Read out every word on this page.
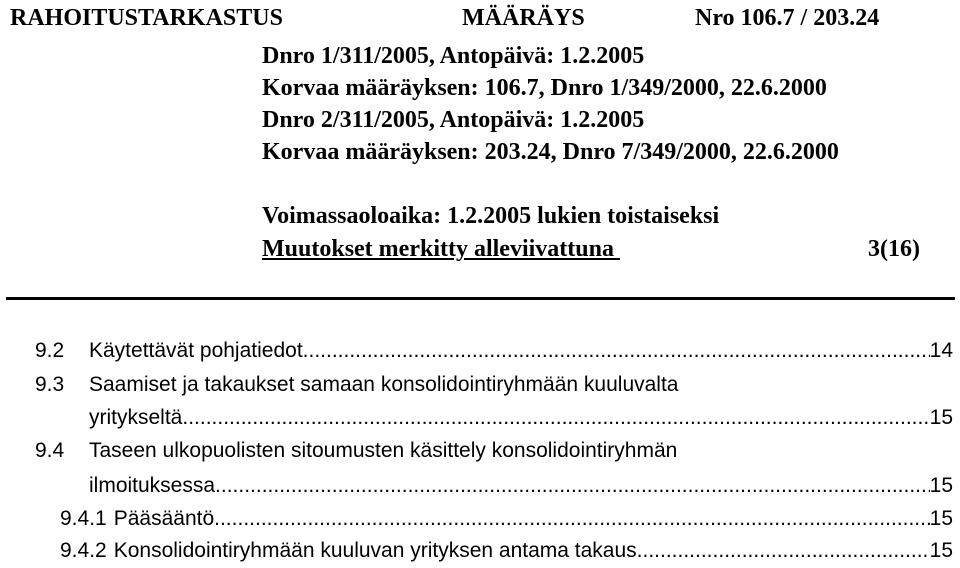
RAHOITUSTARKASTUS	MÄÄRÄYS	Nro 106.7 / 203.24
Dnro 1/311/2005, Antopäivä: 1.2.2005
Korvaa määräyksen: 106.7, Dnro 1/349/2000, 22.6.2000
Dnro 2/311/2005, Antopäivä: 1.2.2005
Korvaa määräyksen: 203.24, Dnro 7/349/2000, 22.6.2000
Voimassaoloaika: 1.2.2005 lukien toistaiseksi
Muutokset merkitty alleviivattuna	3(16)
9.2 Käytettävät pohjatiedot .....	14
9.3 Saamiset ja takaukset samaan konsolidointiryhmään kuuluvalta
yritykseltä .....	15
9.4 Taseen ulkopuolisten sitoumusten käsittely konsolidointiryhmän
ilmoituksessa .....	15
9.4.1 Pääsääntö .....	15
9.4.2 Konsolidointiryhmään kuuluvan yrityksen antama takaus .....	15
